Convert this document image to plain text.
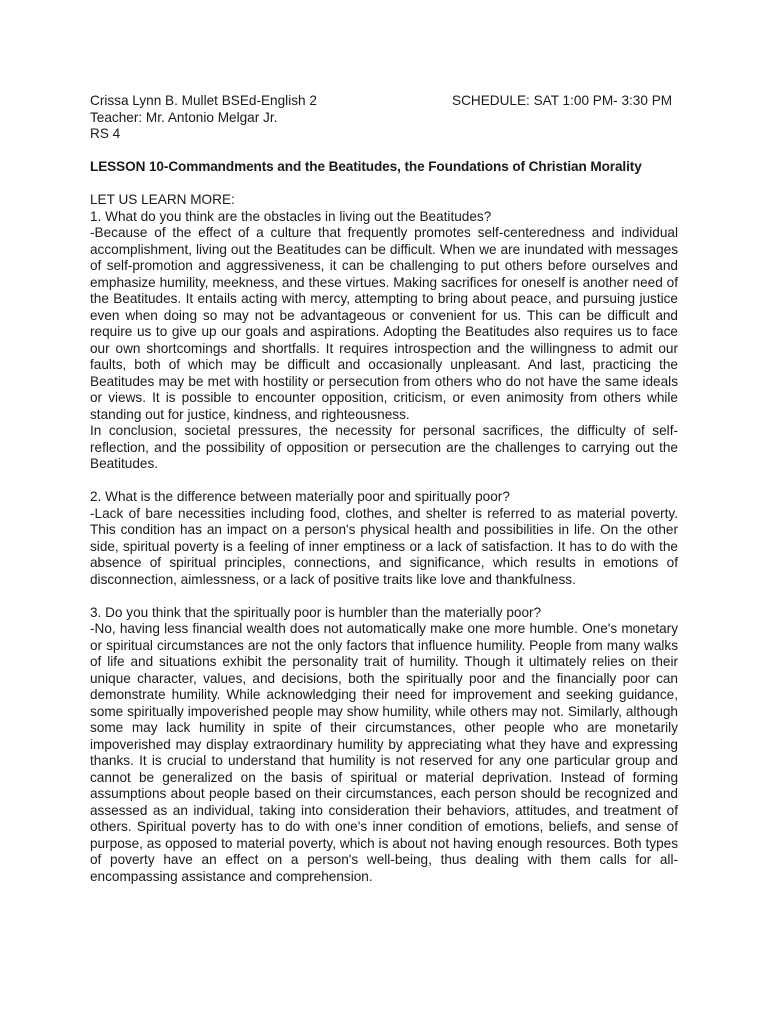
Crissa Lynn B. Mullet BSEd-English 2	SCHEDULE: SAT 1:00 PM- 3:30 PM
Teacher: Mr. Antonio Melgar Jr.
RS 4
LESSON 10-Commandments and the Beatitudes, the Foundations of Christian Morality
LET US LEARN MORE:

1. What do you think are the obstacles in living out the Beatitudes?

-Because of the effect of a culture that frequently promotes self-centeredness and individual accomplishment, living out the Beatitudes can be difficult. When we are inundated with messages of self-promotion and aggressiveness, it can be challenging to put others before ourselves and emphasize humility, meekness, and these virtues. Making sacrifices for oneself is another need of the Beatitudes. It entails acting with mercy, attempting to bring about peace, and pursuing justice even when doing so may not be advantageous or convenient for us. This can be difficult and require us to give up our goals and aspirations. Adopting the Beatitudes also requires us to face our own shortcomings and shortfalls. It requires introspection and the willingness to admit our faults, both of which may be difficult and occasionally unpleasant. And last, practicing the Beatitudes may be met with hostility or persecution from others who do not have the same ideals or views. It is possible to encounter opposition, criticism, or even animosity from others while standing out for justice, kindness, and righteousness.

In conclusion, societal pressures, the necessity for personal sacrifices, the difficulty of self-reflection, and the possibility of opposition or persecution are the challenges to carrying out the Beatitudes.

2. What is the difference between materially poor and spiritually poor?

-Lack of bare necessities including food, clothes, and shelter is referred to as material poverty. This condition has an impact on a person's physical health and possibilities in life. On the other side, spiritual poverty is a feeling of inner emptiness or a lack of satisfaction. It has to do with the absence of spiritual principles, connections, and significance, which results in emotions of disconnection, aimlessness, or a lack of positive traits like love and thankfulness.

3. Do you think that the spiritually poor is humbler than the materially poor?

-No, having less financial wealth does not automatically make one more humble. One's monetary or spiritual circumstances are not the only factors that influence humility. People from many walks of life and situations exhibit the personality trait of humility. Though it ultimately relies on their unique character, values, and decisions, both the spiritually poor and the financially poor can demonstrate humility. While acknowledging their need for improvement and seeking guidance, some spiritually impoverished people may show humility, while others may not. Similarly, although some may lack humility in spite of their circumstances, other people who are monetarily impoverished may display extraordinary humility by appreciating what they have and expressing thanks. It is crucial to understand that humility is not reserved for any one particular group and cannot be generalized on the basis of spiritual or material deprivation. Instead of forming assumptions about people based on their circumstances, each person should be recognized and assessed as an individual, taking into consideration their behaviors, attitudes, and treatment of others. Spiritual poverty has to do with one's inner condition of emotions, beliefs, and sense of purpose, as opposed to material poverty, which is about not having enough resources. Both types of poverty have an effect on a person's well-being, thus dealing with them calls for all-encompassing assistance and comprehension.
